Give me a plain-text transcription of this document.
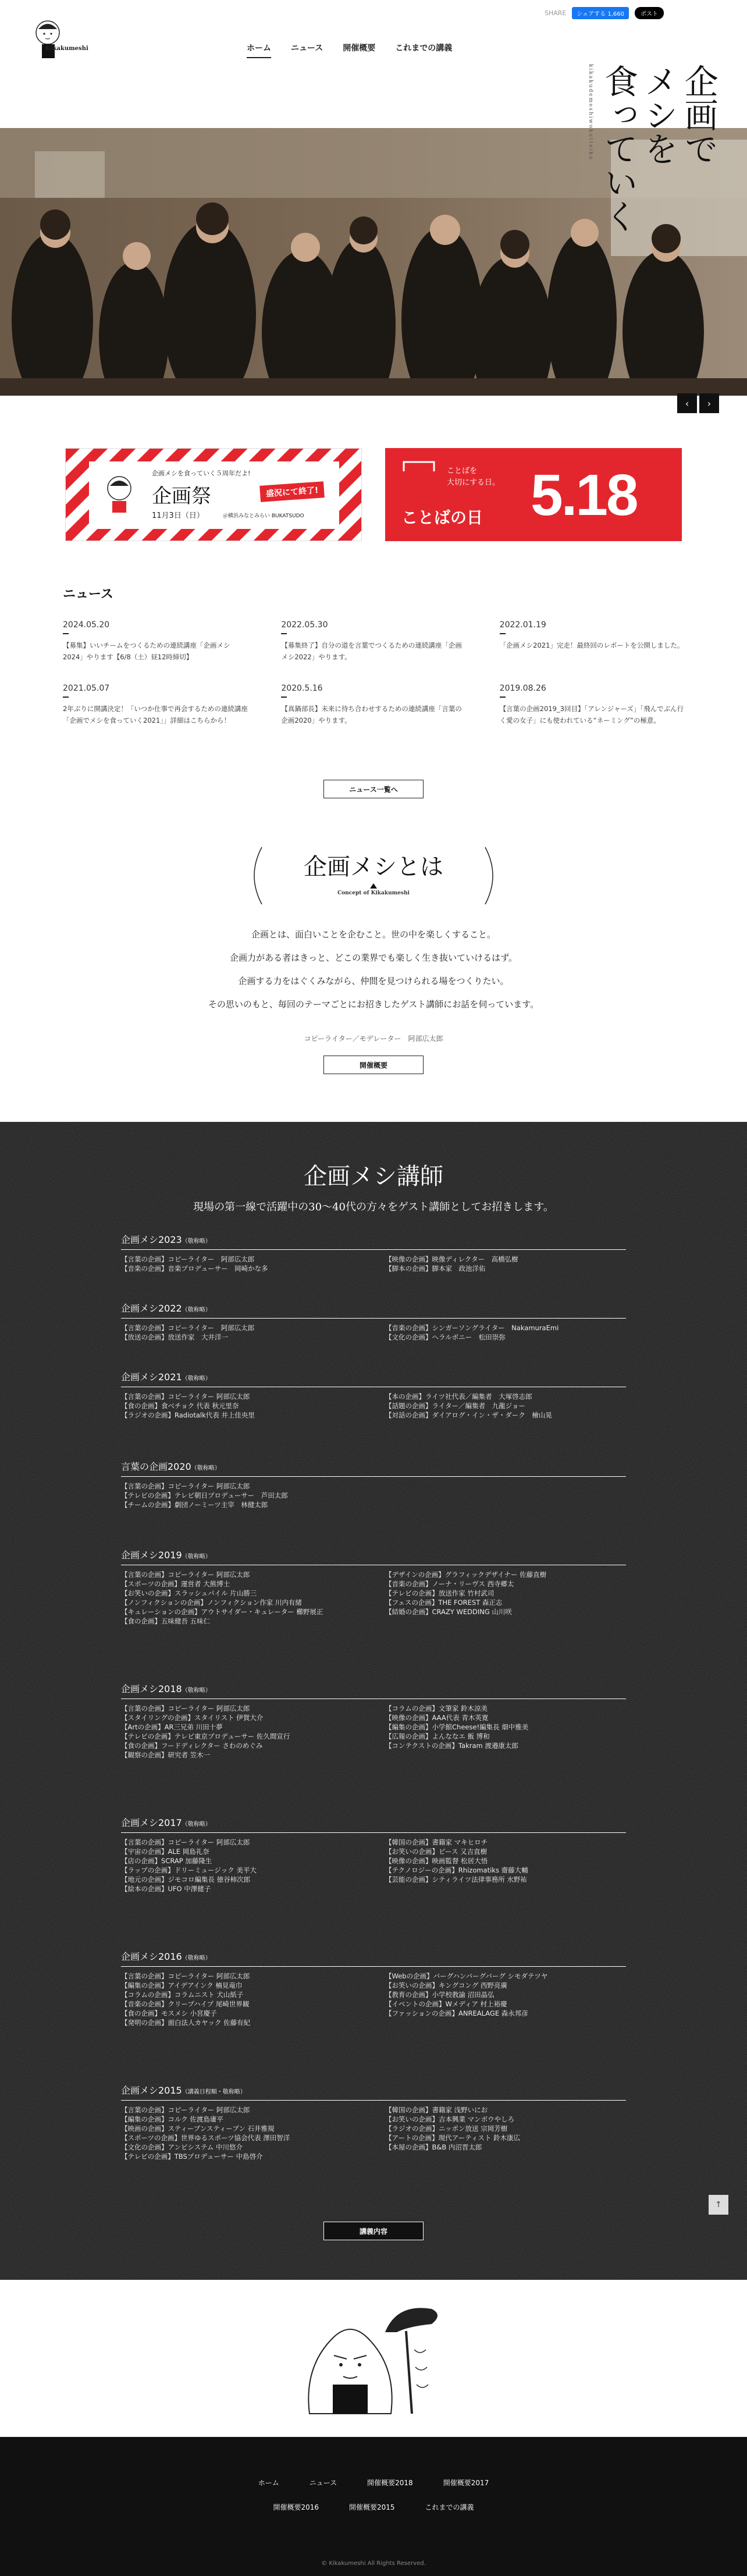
Kikakumeshi	ホーム ニュース 開催概要 これまでの講義
SHARE	シェアする 1,660	ポスト
kikakudemeshiwokutteiku	企画で
メシを
食っていく
‹	›
企画メシを食っていく５周年だよ!
企画祭
11月3日（日）	＠横浜みなとみらい BUKATSUDO
盛況にて終了!
ことばを
大切にする日。
ことばの日 5.18
ニュース
2024.05.20
【募集】いいチームをつくるための連続講座「企画メシ2024」やります【6/8（土）昼12時締切】
2022.05.30
【募集終了】自分の道を言葉でつくるための連続講座「企画メシ2022」やります。
2022.01.19
「企画メシ2021」完走！最終回のレポートを公開しました。
2021.05.07
2年ぶりに開講決定！「いつか仕事で再会するための連続講座「企画でメシを食っていく2021」」詳細はこちらから！
2020.5.16
【真鍋部長】未来に待ち合わせするための連続講座「言葉の企画2020」やります。
2019.08.26
【言葉の企画2019_3回目】「アレンジャーズ」「飛んでぶん行く愛の女子」にも使われている“ネーミング”の極意。
ニュース一覧へ
企画メシとは
Concept of Kikakumeshi

企画とは、面白いことを企むこと。世の中を楽しくすること。

企画力がある者はきっと、どこの業界でも楽しく生き抜いていけるはず。

企画する力をはぐくみながら、仲間を見つけられる場をつくりたい。

その思いのもと、毎回のテーマごとにお招きしたゲスト講師にお話を伺っています。

コピーライター／モデレーター　阿部広太郎
開催概要
企画メシ講師
現場の第一線で活躍中の30〜40代の方々をゲスト講師としてお招きします。
企画メシ2023（敬称略）
【言葉の企画】コピーライター　阿部広太郎
【音楽の企画】音楽プロデューサー　岡崎かな多
【映像の企画】映像ディレクター　高橋弘樹
【脚本の企画】脚本家　政池洋佑
企画メシ2022（敬称略）
【言葉の企画】コピーライター　阿部広太郎
【放送の企画】放送作家　大井洋一
【音楽の企画】シンガーソングライター　NakamuraEmi
【文化の企画】ヘラルボニー　松田崇弥
企画メシ2021（敬称略）
【言葉の企画】コピーライター 阿部広太郎
【食の企画】食べチョク 代表 秋元里奈
【ラジオの企画】Radiotalk代表 井上佳央里
【本の企画】ライツ社代表／編集者　大塚啓志郎
【話題の企画】ライター／編集者　九龍ジョー
【対話の企画】ダイアログ・イン・ザ・ダーク　檜山晃
言葉の企画2020（敬称略）
【言葉の企画】コピーライター 阿部広太郎
【テレビの企画】テレビ朝日プロデューサー　芦田太郎
【チームの企画】劇団ノーミーツ主宰　林健太郎
企画メシ2019（敬称略）
【言葉の企画】コピーライター 阿部広太郎
【スポーツの企画】運営者 大熊博士
【お笑いの企画】スラッシュパイル 片山勝三
【ノンフィクションの企画】ノンフィクション作家 川内有緒
【キュレーションの企画】アウトサイダー・キュレーター 櫛野展正
【食の企画】五味健吾 五味仁
【デザインの企画】グラフィックデザイナー 佐藤直樹
【音楽の企画】ノーナ・リーヴス 西寺郷太
【テレビの企画】放送作家 竹村武司
【フェスの企画】THE FOREST 森正志
【結婚の企画】CRAZY WEDDING 山川咲
企画メシ2018（敬称略）
【言葉の企画】コピーライター 阿部広太郎
【スタイリングの企画】スタイリスト 伊賀大介
【Artの企画】AR三兄弟 川田十夢
【テレビの企画】テレビ東京プロデューサー 佐久間宣行
【食の企画】フードディレクター さわのめぐみ
【観察の企画】研究者 笠木一
【コラムの企画】文筆家 鈴木涼美
【映像の企画】AAA代表 青木英寛
【編集の企画】小学館Cheese!編集長 畑中雅美
【広報の企画】よんななエ 飯 博和
【コンテクストの企画】Takram 渡邉康太郎
企画メシ2017（敬称略）
【言葉の企画】コピーライター 阿部広太郎
【宇宙の企画】ALE 岡島礼奈
【店の企画】SCRAP 加藤隆生
【ラップの企画】ドリーミュージック 美平大
【地元の企画】ジモコロ編集長 徳谷柿次郎
【絵本の企画】UFO 中澤健子
【韓国の企画】書籍家 マキヒロチ
【お笑いの企画】ピース 又吉直樹
【映像の企画】映画監督 松居大悟
【テクノロジーの企画】Rhizomatiks 齋藤大輔
【芸能の企画】シティライツ法律事務所 水野祐
企画メシ2016（敬称略）
【言葉の企画】コピーライター 阿部広太郎
【編集の企画】アイデアインク 楠見竜巾
【コラムの企画】コラムニスト 犬山紙子
【音楽の企画】クリープハイプ 尾崎世界観
【食の企画】モスメシ 小宮慶子
【発明の企画】面白法人カヤック 佐藤有紀
【Webの企画】バーグハンバーグバーグ シモダテツヤ
【お笑いの企画】キングコング 西野亮廣
【教育の企画】小学校教諭 沼田晶弘
【イベントの企画】Wメディア 村上裕慶
【ファッションの企画】ANREALAGE 森永邦彦
企画メシ2015（講義日程順・敬称略）
【言葉の企画】コピーライター 阿部広太郎
【編集の企画】コルク 佐渡島庸平
【映画の企画】スティーブンスティーブン 石井雅規
【スポーツの企画】世界ゆるスポーツ協会代表 澤田智洋
【文化の企画】アンビシステム 中川悠介
【テレビの企画】TBSプロデューサー 中島啓介
【韓国の企画】書籍家 浅野いにお
【お笑いの企画】吉本興業 マンボウやしろ
【ラジオの企画】ニッポン放送 宗岡芳樹
【アートの企画】現代アーティスト 鈴木康広
【本屋の企画】B&B 内沼晋太郎
講義内容
↑
ホーム	ニュース	開催概要2018	開催概要2017
開催概要2016	開催概要2015	これまでの講義
© Kikakumeshi All Rights Reserved.
